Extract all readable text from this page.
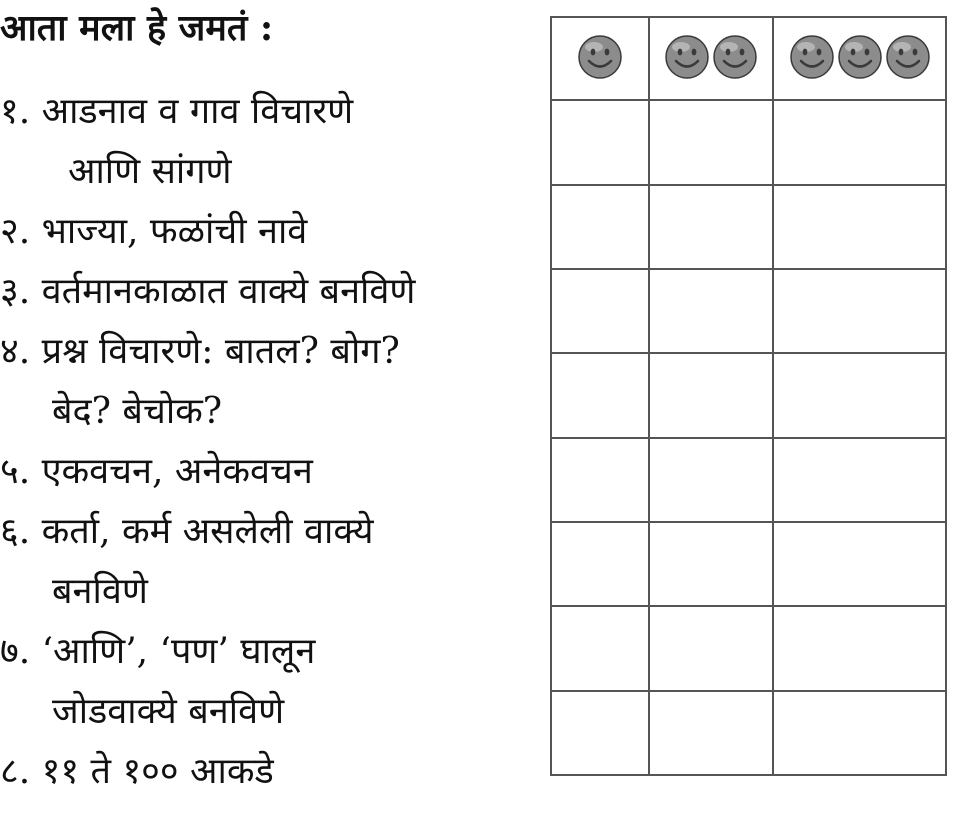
आता मला हे जमतं :
१. आडनाव व गाव विचारणे
आणि सांगणे
२. भाज्या, फळांची नावे
३. वर्तमानकाळात वाक्ये बनविणे
४. प्रश्न विचारणे: बातल? बोग?
बेद? बेचोक?
५. एकवचन, अनेकवचन
६. कर्ता, कर्म असलेली वाक्ये
बनविणे
७. ‘आणि’, ‘पण’ घालून
जोडवाक्ये बनविणे
८. ११ ते १०० आकडे
